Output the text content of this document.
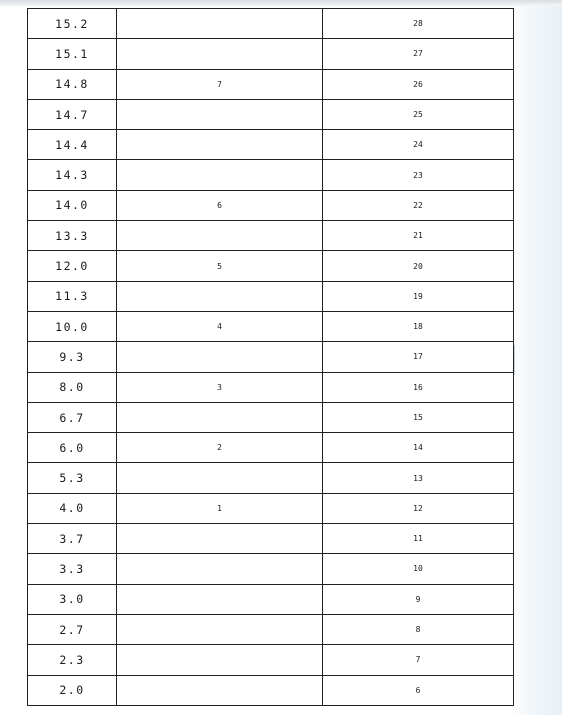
15.2		28
15.1		27
14.8	7	26
14.7		25
14.4		24
14.3		23
14.0	6	22
13.3		21
12.0	5	20
11.3		19
10.0	4	18
9.3		17
8.0	3	16
6.7		15
6.0	2	14
5.3		13
4.0	1	12
3.7		11
3.3		10
3.0		9
2.7		8
2.3		7
2.0		6
